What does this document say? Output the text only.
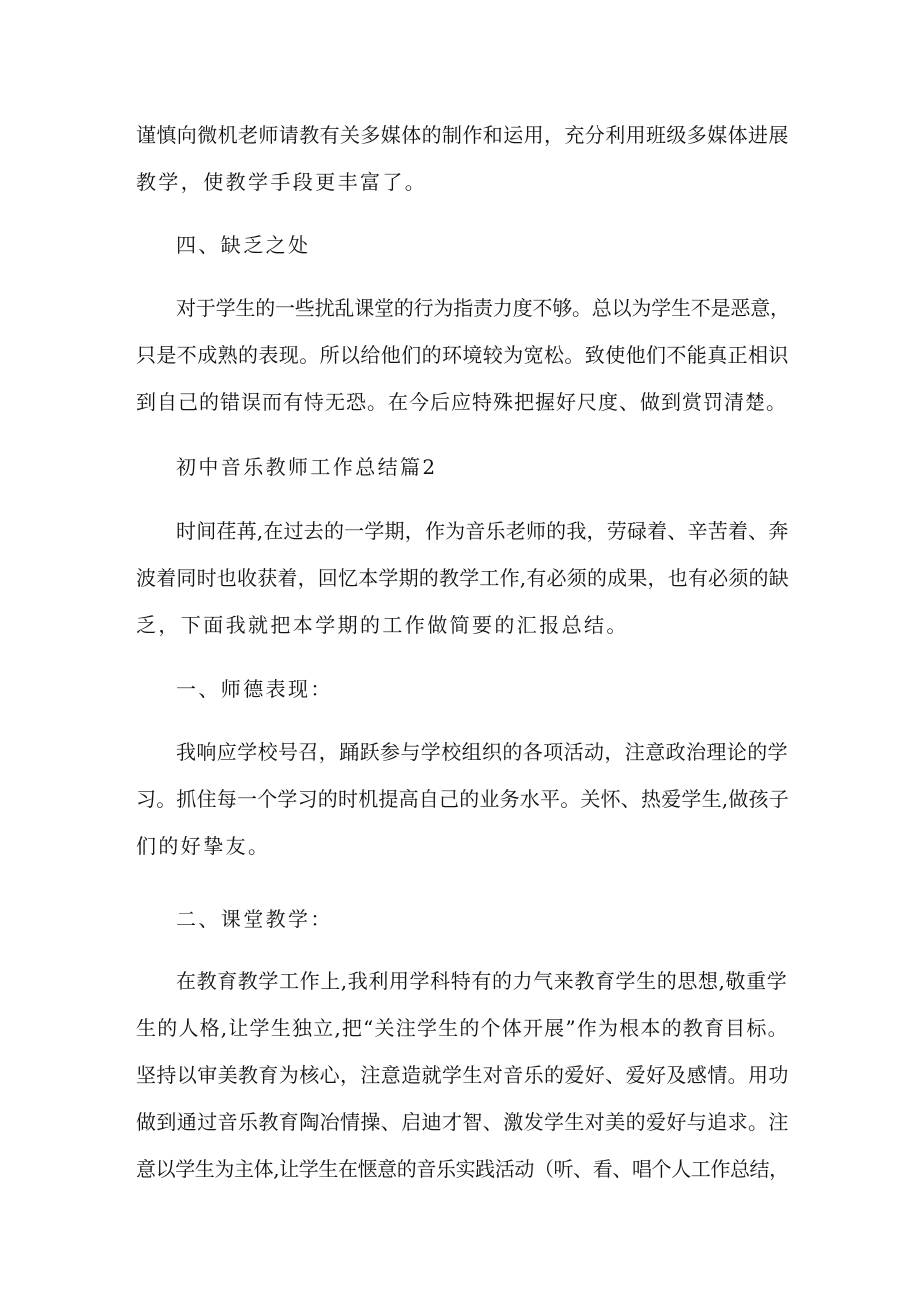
谨慎向微机老师请教有关多媒体的制作和运用，充分利用班级多媒体进展
教学，使教学手段更丰富了。
四、缺乏之处
对于学生的一些扰乱课堂的行为指责力度不够。总以为学生不是恶意，
只是不成熟的表现。所以给他们的环境较为宽松。致使他们不能真正相识
到自己的错误而有恃无恐。在今后应特殊把握好尺度、做到赏罚清楚。
初中音乐教师工作总结篇2
时间荏苒,在过去的一学期，作为音乐老师的我，劳碌着、辛苦着、奔
波着同时也收获着，回忆本学期的教学工作,有必须的成果，也有必须的缺
乏，下面我就把本学期的工作做简要的汇报总结。
一、师德表现：
我响应学校号召，踊跃参与学校组织的各项活动，注意政治理论的学
习。抓住每一个学习的时机提高自己的业务水平。关怀、热爱学生,做孩子
们的好挚友。
二、课堂教学：
在教育教学工作上,我利用学科特有的力气来教育学生的思想,敬重学
生的人格,让学生独立,把“关注学生的个体开展”作为根本的教育目标。
坚持以审美教育为核心，注意造就学生对音乐的爱好、爱好及感情。用功
做到通过音乐教育陶冶情操、启迪才智、激发学生对美的爱好与追求。注
意以学生为主体,让学生在惬意的音乐实践活动（听、看、唱个人工作总结，
